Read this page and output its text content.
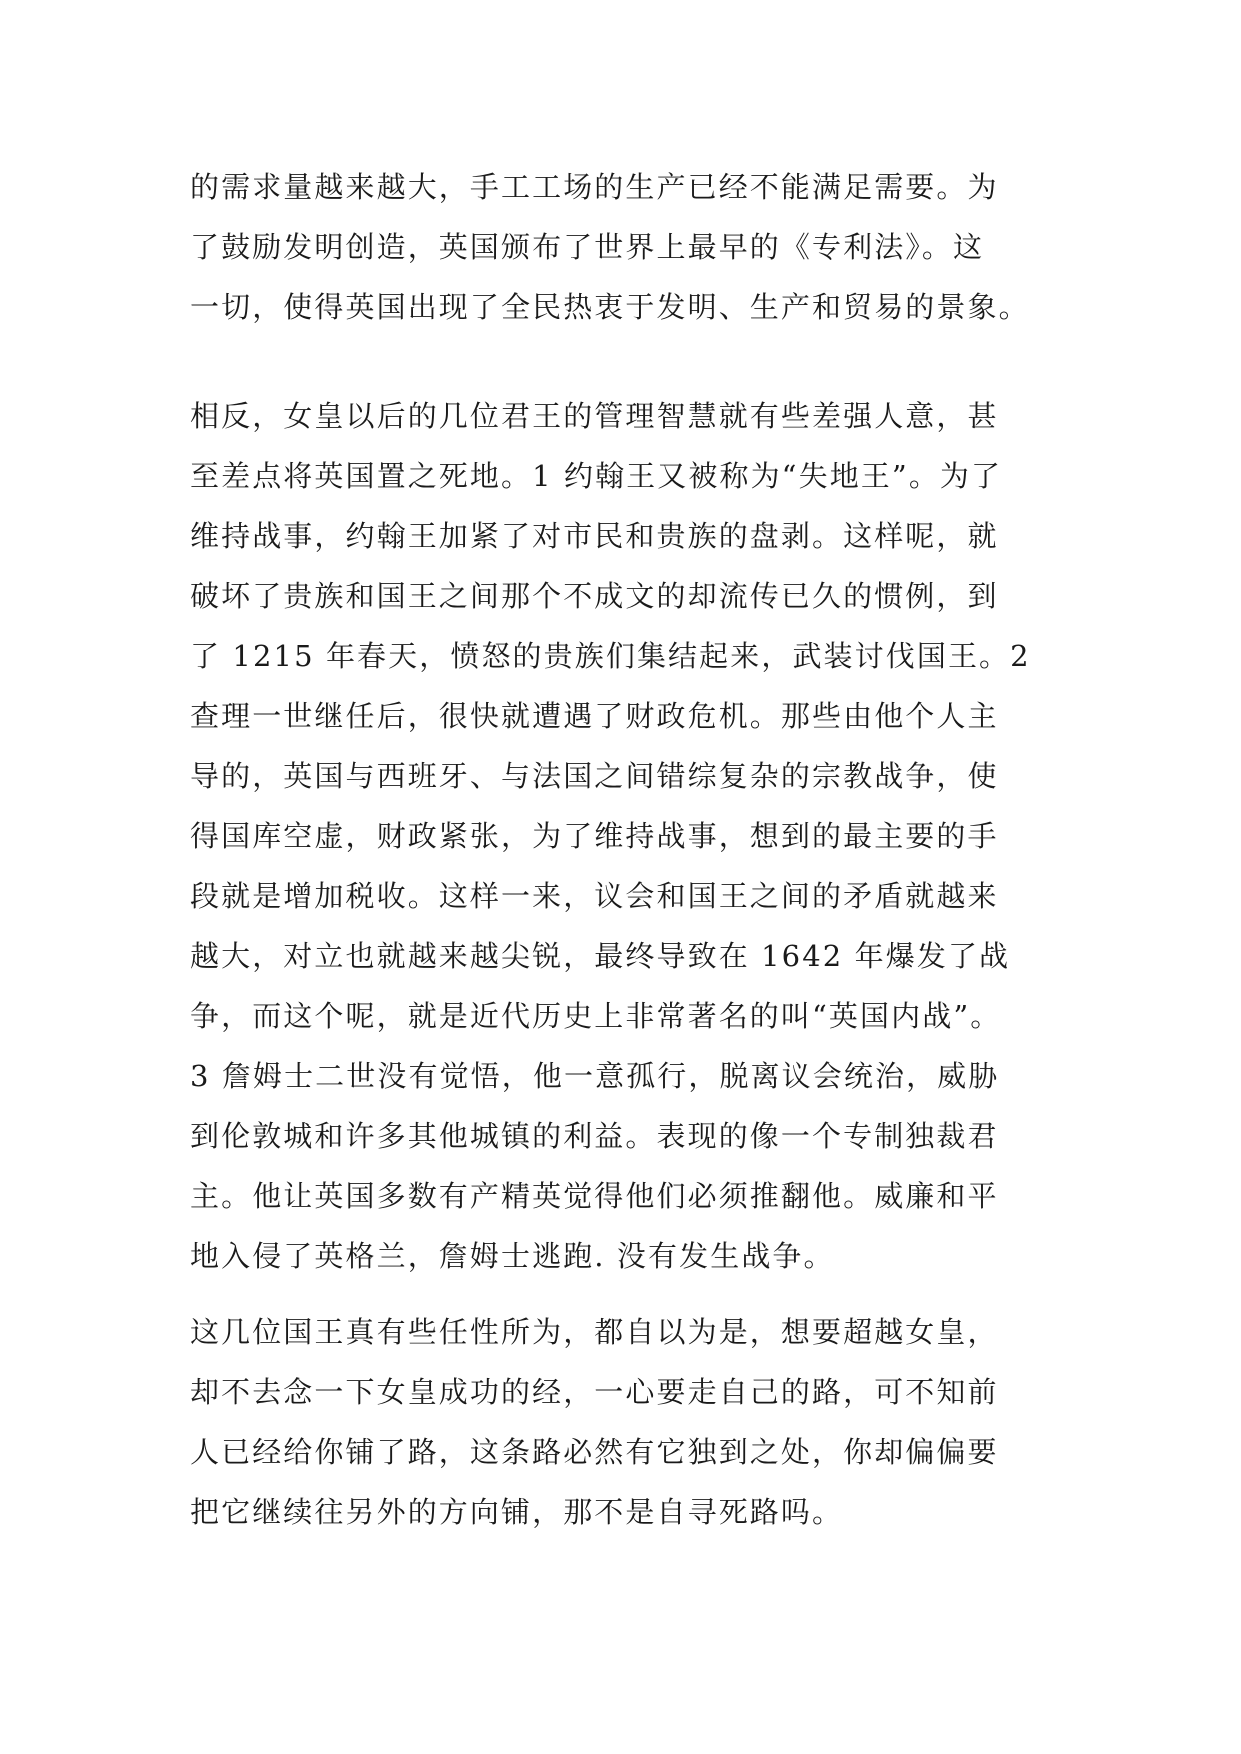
的需求量越来越大，手工工场的生产已经不能满足需要。为
了鼓励发明创造，英国颁布了世界上最早的《专利法》。这
一切，使得英国出现了全民热衷于发明、生产和贸易的景象。
相反，女皇以后的几位君王的管理智慧就有些差强人意，甚
至差点将英国置之死地。1 约翰王又被称为“失地王”。为了
维持战事，约翰王加紧了对市民和贵族的盘剥。这样呢，就
破坏了贵族和国王之间那个不成文的却流传已久的惯例，到
了 1215 年春天，愤怒的贵族们集结起来，武装讨伐国王。2
查理一世继任后，很快就遭遇了财政危机。那些由他个人主
导的，英国与西班牙、与法国之间错综复杂的宗教战争，使
得国库空虚，财政紧张，为了维持战事，想到的最主要的手
段就是增加税收。这样一来，议会和国王之间的矛盾就越来
越大，对立也就越来越尖锐，最终导致在 1642 年爆发了战
争，而这个呢，就是近代历史上非常著名的叫“英国内战”。
3 詹姆士二世没有觉悟，他一意孤行，脱离议会统治，威胁
到伦敦城和许多其他城镇的利益。表现的像一个专制独裁君
主。他让英国多数有产精英觉得他们必须推翻他。威廉和平
地入侵了英格兰，詹姆士逃跑. 没有发生战争。
这几位国王真有些任性所为，都自以为是，想要超越女皇，
却不去念一下女皇成功的经，一心要走自己的路，可不知前
人已经给你铺了路，这条路必然有它独到之处，你却偏偏要
把它继续往另外的方向铺，那不是自寻死路吗。
